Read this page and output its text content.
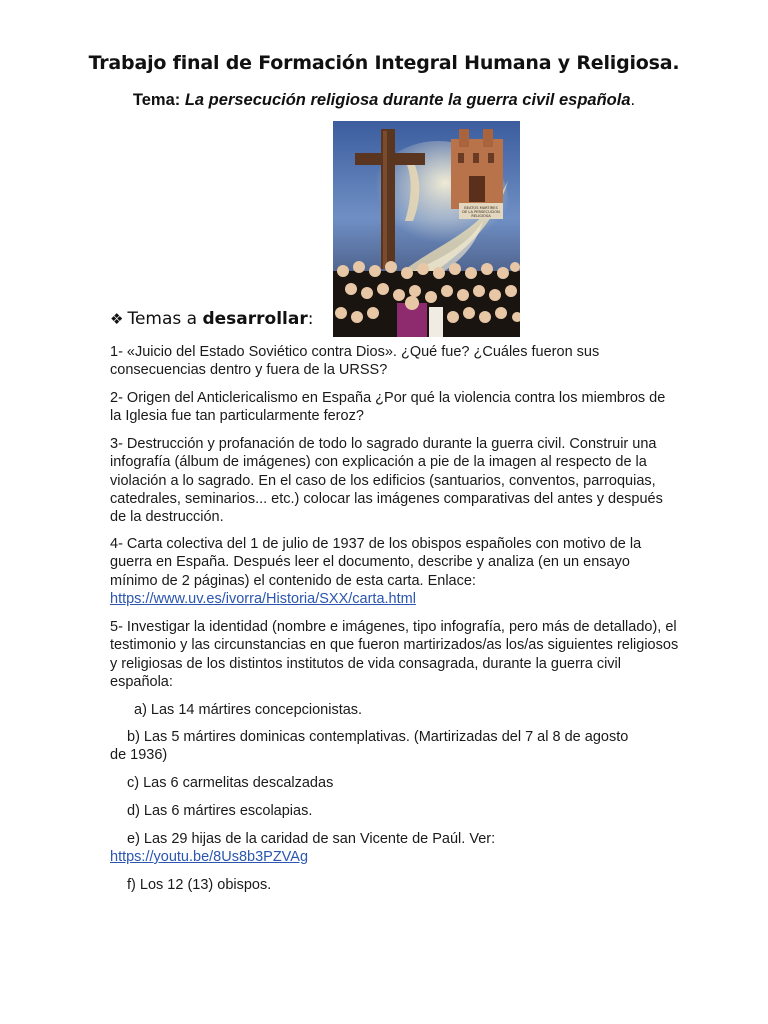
Trabajo final de Formación Integral Humana y Religiosa.
Tema: La persecución religiosa durante la guerra civil española.
BEATOS MARTIRES
DE LA PERSECUCION
RELIGIOSA
❖ Temas a desarrollar:

1- «Juicio del Estado Soviético contra Dios». ¿Qué fue? ¿Cuáles fueron sus consecuencias dentro y fuera de la URSS?

2- Origen del Anticlericalismo en España ¿Por qué la violencia contra los miembros de la Iglesia fue tan particularmente feroz?

3- Destrucción y profanación de todo lo sagrado durante la guerra civil. Construir una infografía (álbum de imágenes) con explicación a pie de la imagen al respecto de la violación a lo sagrado. En el caso de los edificios (santuarios, conventos, parroquias, catedrales, seminarios... etc.) colocar las imágenes comparativas del antes y después de la destrucción.

4- Carta colectiva del 1 de julio de 1937 de los obispos españoles con motivo de la guerra en España. Después leer el documento, describe y analiza (en un ensayo mínimo de 2 páginas) el contenido de esta carta. Enlace:
https://www.uv.es/ivorra/Historia/SXX/carta.html

5- Investigar la identidad (nombre e imágenes, tipo infografía, pero más de detallado), el testimonio y las circunstancias en que fueron martirizados/as los/as siguientes religiosos y religiosas de los distintos institutos de vida consagrada, durante la guerra civil española:

a) Las 14 mártires concepcionistas.
b) Las 5 mártires dominicas contemplativas. (Martirizadas del 7 al 8 de agosto
de 1936)
c) Las 6 carmelitas descalzadas
d) Las 6 mártires escolapias.
e) Las 29 hijas de la caridad de san Vicente de Paúl. Ver:
https://youtu.be/8Us8b3PZVAg
f) Los 12 (13) obispos.
